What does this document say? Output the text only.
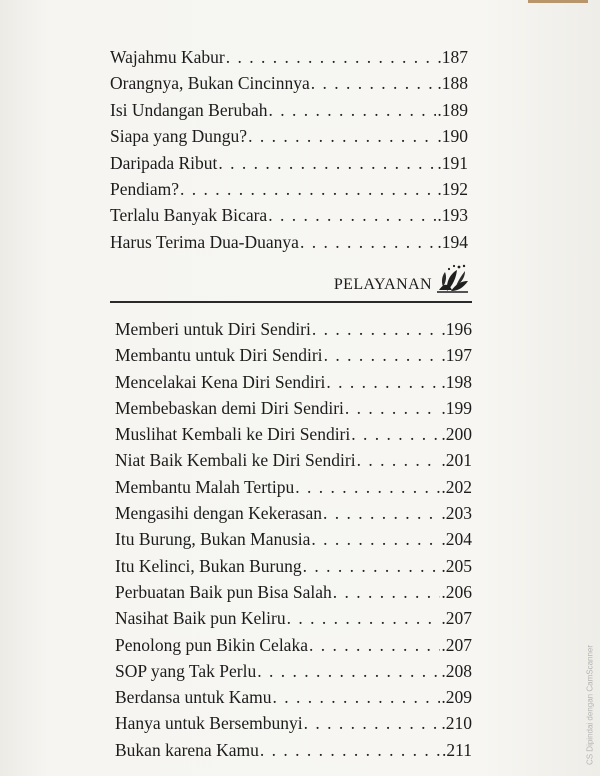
Wajahmu Kabur . . .	.187
Orangnya, Bukan Cincinnya . . .	.188
Isi Undangan Berubah . . .	.189
Siapa yang Dungu? . . .	.190
Daripada Ribut . . .	.191
Pendiam? . . .	.192
Terlalu Banyak Bicara . . .	.193
Harus Terima Dua-Duanya . . .	.194
PELAYANAN
Memberi untuk Diri Sendiri . . .	.196
Membantu untuk Diri Sendiri . . .	.197
Mencelakai Kena Diri Sendiri . . .	.198
Membebaskan demi Diri Sendiri . . .	.199
Muslihat Kembali ke Diri Sendiri . . .	.200
Niat Baik Kembali ke Diri Sendiri . . .	.201
Membantu Malah Tertipu . . .	.202
Mengasihi dengan Kekerasan . . .	.203
Itu Burung, Bukan Manusia . . .	.204
Itu Kelinci, Bukan Burung . . .	.205
Perbuatan Baik pun Bisa Salah . . .	.206
Nasihat Baik pun Keliru . . .	.207
Penolong pun Bikin Celaka . . .	.207
SOP yang Tak Perlu . . .	.208
Berdansa untuk Kamu . . .	.209
Hanya untuk Bersembunyi . . .	.210
Bukan karena Kamu . . .	.211	CS Dipindai dengan CamScanner
